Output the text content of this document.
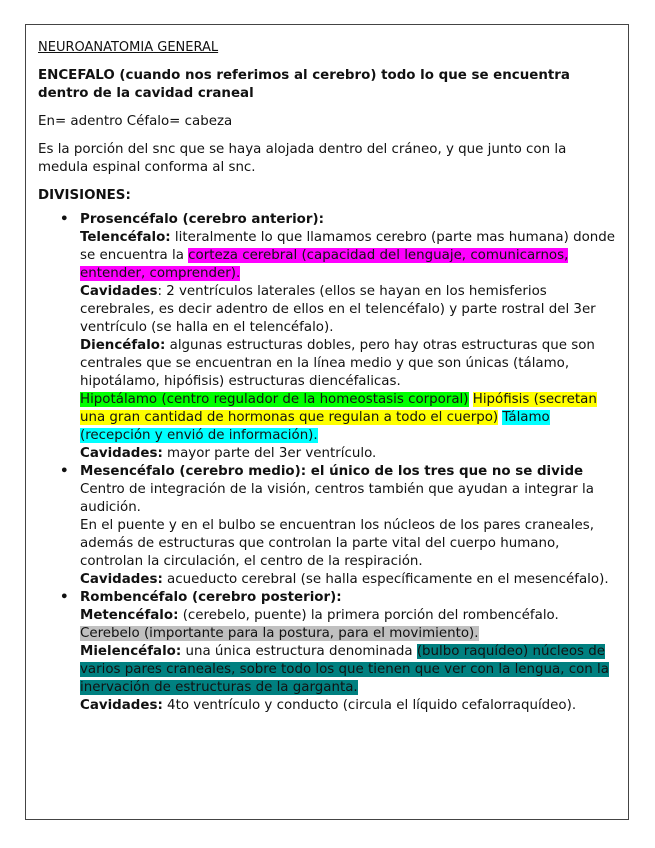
NEUROANATOMIA GENERAL

ENCEFALO (cuando nos referimos al cerebro) todo lo que se encuentra dentro de la cavidad craneal

En= adentro Céfalo= cabeza

Es la porción del snc que se haya alojada dentro del cráneo, y que junto con la medula espinal conforma al snc.

DIVISIONES:

• Prosencéfalo (cerebro anterior):
Telencéfalo: literalmente lo que llamamos cerebro (parte mas humana) donde se encuentra la corteza cerebral (capacidad del lenguaje, comunicarnos, entender, comprender).
Cavidades: 2 ventrículos laterales (ellos se hayan en los hemisferios cerebrales, es decir adentro de ellos en el telencéfalo) y parte rostral del 3er ventrículo (se halla en el telencéfalo).
Diencéfalo: algunas estructuras dobles, pero hay otras estructuras que son centrales que se encuentran en la línea medio y que son únicas (tálamo, hipotálamo, hipófisis) estructuras diencéfalicas.
Hipotálamo (centro regulador de la homeostasis corporal) Hipófisis (secretan una gran cantidad de hormonas que regulan a todo el cuerpo) Tálamo (recepción y envió de información).
Cavidades: mayor parte del 3er ventrículo.
• Mesencéfalo (cerebro medio): el único de los tres que no se divide
Centro de integración de la visión, centros también que ayudan a integrar la audición.
En el puente y en el bulbo se encuentran los núcleos de los pares craneales, además de estructuras que controlan la parte vital del cuerpo humano, controlan la circulación, el centro de la respiración.
Cavidades: acueducto cerebral (se halla específicamente en el mesencéfalo).
• Rombencéfalo (cerebro posterior):
Metencéfalo: (cerebelo, puente) la primera porción del rombencéfalo.
Cerebelo (importante para la postura, para el movimiento).
Mielencéfalo: una única estructura denominada (bulbo raquídeo) núcleos de varios pares craneales, sobre todo los que tienen que ver con la lengua, con la inervación de estructuras de la garganta.
Cavidades: 4to ventrículo y conducto (circula el líquido cefalorraquídeo).
